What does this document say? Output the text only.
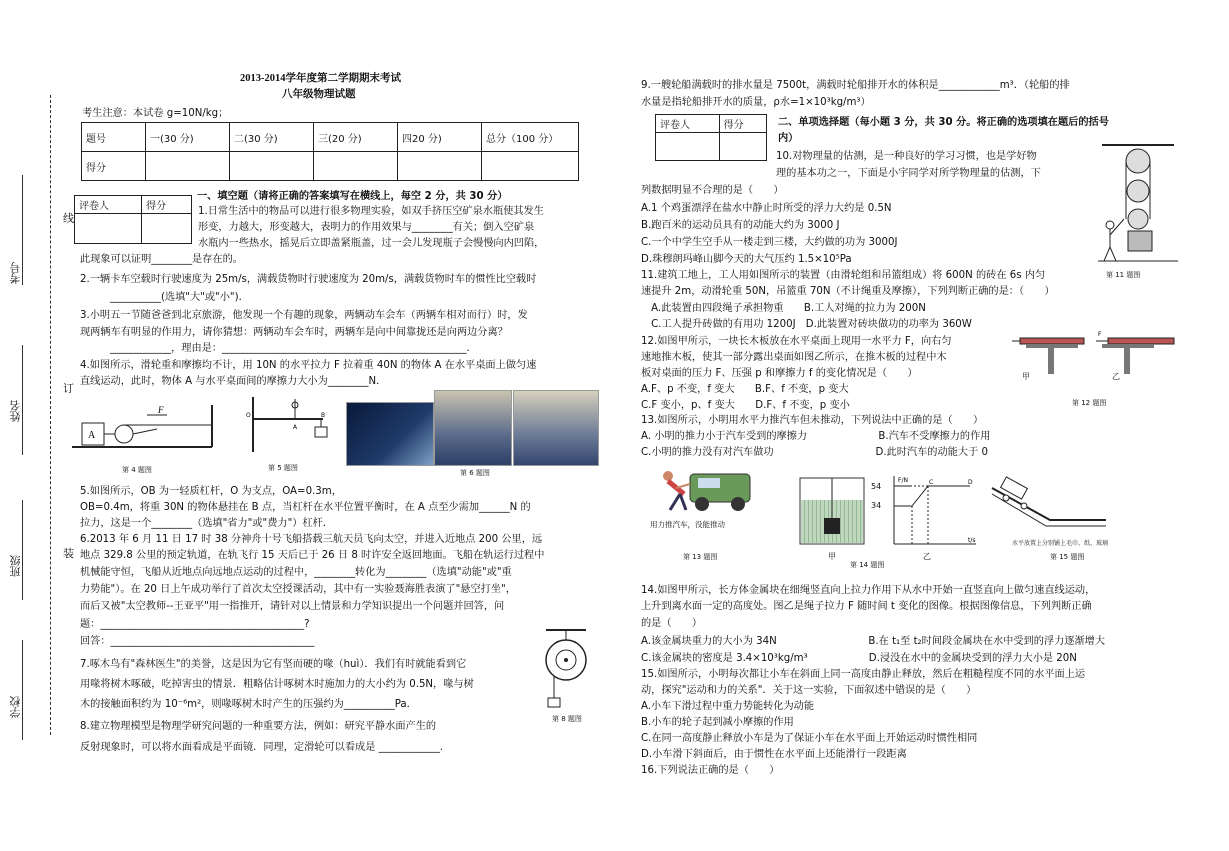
考号
线
姓名
订
班级
装
学校
2013-2014学年度第二学期期末考试
八年级物理试题
考生注意：本试卷 g=10N/kg；
题号	一(30 分)	二(30 分)	三(20 分)	四20 分)	总分（100 分）
得分					
评卷人	得分

一、填空题（请将正确的答案填写在横线上，每空 2 分，共 30 分）
1.日常生活中的物品可以进行很多物理实验，如双手挤压空矿泉水瓶使其发生
形变，力越大，形变越大，表明力的作用效果与________有关；倒入空矿泉
水瓶内一些热水，摇晃后立即盖紧瓶盖，过一会儿发现瓶子会慢慢向内凹陷，
此现象可以证明________是存在的。
2.一辆卡车空载时行驶速度为 25m/s，满载货物时行驶速度为 20m/s，满载货物时车的惯性比空载时
__________(选填"大"或"小")．
3.小明五一节随爸爸到北京旅游，他发现一个有趣的现象，两辆动车会车（两辆车相对而行）时，发
现两辆车有明显的作用力，请你猜想：两辆动车会车时，两辆车是向中间靠拢还是向两边分离？
____________，理由是：________________________________________________.
4.如图所示，滑轮重和摩擦均不计，用 10N 的水平拉力 F 拉着重 40N 的物体 A 在水平桌面上做匀速
直线运动，此时，物体 A 与水平桌面间的摩擦力大小为________N．
A
F
第 4 题图
O
A
B
第 5 题图
第 6 题图
5.如图所示，OB 为一轻质杠杆，O 为支点，OA=0.3m，
OB=0.4m，将重 30N 的物体悬挂在 B 点，当杠杆在水平位置平衡时，在 A 点至少需加______N 的
拉力，这是一个________（选填"省力"或"费力"）杠杆．
6.2013 年 6 月 11 日 17 时 38 分神舟十号飞船搭载三航天员飞向太空，并进入近地点 200 公里，远
地点 329.8 公里的预定轨道，在轨飞行 15 天后已于 26 日 8 时许安全返回地面。飞船在轨运行过程中
机械能守恒，飞船从近地点向远地点运动的过程中，________转化为________（选填"动能"或"重
力势能"）。在 20 日上午成功举行了首次太空授课活动，其中有一实验聂海胜表演了"悬空打坐"，
而后又被"太空教师--王亚平"用一指推开，请针对以上情景和力学知识提出一个问题并回答，问
题：________________________________________?
回答：________________________________________
7.啄木鸟有"森林医生"的美誉，这是因为它有坚而硬的喙（huì）．我们有时就能看到它
用喙将树木啄破，吃掉害虫的情景．粗略估计啄树木时施加力的大小约为 0.5N，喙与树
木的接触面积约为 10⁻⁶m²，则喙啄树木时产生的压强约为__________Pa．
8.建立物理模型是物理学研究问题的一种重要方法，例如：研究平静水面产生的
反射现象时，可以将水面看成是平面镜．同理，定滑轮可以看成是 ____________.
第 8 题图
9.一艘轮船满载时的排水量是 7500t，满载时轮船排开水的体积是____________m³．（轮船的排
水量是指轮船排开水的质量，ρ水=1×10³kg/m³）
评卷人	得分
		二、单项选择题（每小题 3 分，共 30 分。将正确的选项填在题后的括号
内）
10.对物理量的估测，是一种良好的学习习惯，也是学好物
理的基本功之一，下面是小宇同学对所学物理量的估测，下
列数据明显不合理的是（　　）
A.1 个鸡蛋漂浮在盐水中静止时所受的浮力大约是 0.5N
B.跑百米的运动员具有的动能大约为 3000 J
C.一个中学生空手从一楼走到三楼，大约做的功为 3000J
D.珠穆朗玛峰山脚今天的大气压约 1.5×10⁵Pa
11.建筑工地上，工人用如图所示的装置（由滑轮组和吊篮组成）将 600N 的砖在 6s 内匀
速提升 2m，动滑轮重 50N，吊篮重 70N（不计绳重及摩擦），下列判断正确的是：（　　）
　A.此装置由四段绳子承担物重　　B.工人对绳的拉力为 200N
　C.工人提升砖做的有用功 1200J　D.此装置对砖块做功的功率为 360W
第 11 题图
12.如图甲所示，一块长木板放在水平桌面上现用一水平力 F，向右匀
速地推木板，使其一部分露出桌面如图乙所示，在推木板的过程中木
板对桌面的压力 F、压强 p 和摩擦力 f 的变化情况是（　　）
A.F、p 不变，f 变大　　B.F、f 不变，p 变大
C.F 变小，p、f 变大　　D.F、f 不变，p 变小
F
甲	乙
第 12 题图
13.如图所示，小明用水平力推汽车但未推动，下列说法中正确的是（　　）
A. 小明的推力小于汽车受到的摩擦力　　　　　　　B.汽车不受摩擦力的作用
C.小明的推力没有对汽车做功　　　　　　　　　　D.此时汽车的动能大于 0
用力推汽车，没能推动
第 13 题图	甲
F/N
t/s
C	D
54
34
乙
第 14 题图
水平放置上分别铺上毛巾、纸、玻璃
第 15 题图
14.如图甲所示，长方体金属块在细绳竖直向上拉力作用下从水中开始一直竖直向上做匀速直线运动，
上升到离水面一定的高度处。图乙是绳子拉力 F 随时间 t 变化的图像。根据图像信息，下列判断正确
的是（　　）
A.该金属块重力的大小为 34N　　　　　　　　　B.在 t₁至 t₂时间段金属块在水中受到的浮力逐渐增大
C.该金属块的密度是 3.4×10³kg/m³　　　　　　D.浸没在水中的金属块受到的浮力大小是 20N
15.如图所示，小明每次都让小车在斜面上同一高度由静止释放，然后在粗糙程度不同的水平面上运
动，探究"运动和力的关系"．关于这一实验，下面叙述中错误的是（　　）
A.小车下滑过程中重力势能转化为动能
B.小车的轮子起到减小摩擦的作用
C.在同一高度静止释放小车是为了保证小车在水平面上开始运动时惯性相同
D.小车滑下斜面后，由于惯性在水平面上还能滑行一段距离
16.下列说法正确的是（　　）
